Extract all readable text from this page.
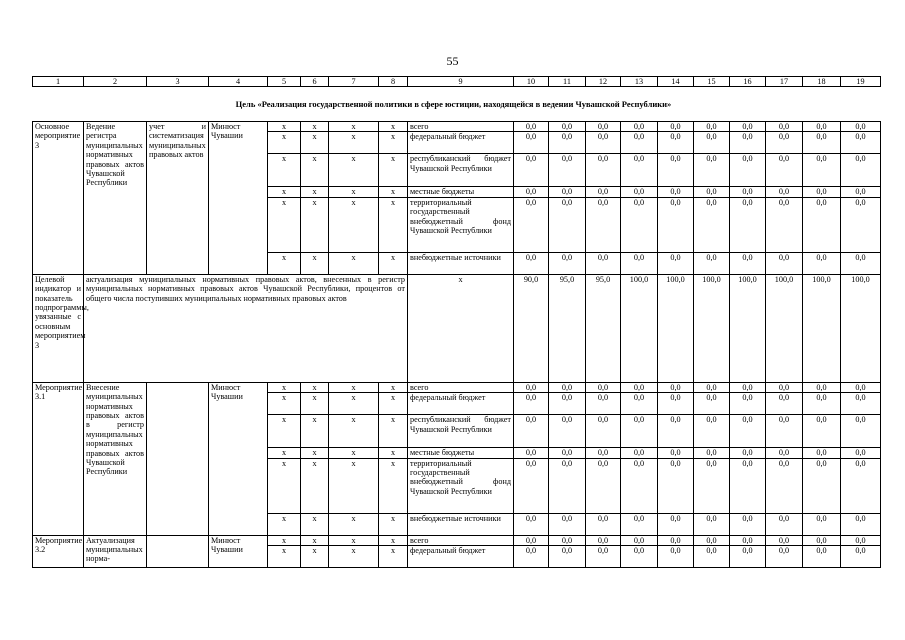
55
1	2	3	4	5	6	7	8	9	10	11	12	13	14	15	16	17	18	19
Цель «Реализация государственной политики в сфере юстиции, находящейся в ведении Чувашской Республики»
Основное мероприятие 3	Ведение регистра муниципальных нормативных правовых актов Чувашской Республики	учет и систематизация муниципальных правовых актов	Минюст Чувашии	x	x	x	x	всего	0,0	0,0	0,0	0,0	0,0	0,0	0,0	0,0	0,0	0,0
				x	x	x	x	федеральный бюджет	0,0	0,0	0,0	0,0	0,0	0,0	0,0	0,0	0,0	0,0
				x	x	x	x	республиканский бюджет Чувашской Республики	0,0	0,0	0,0	0,0	0,0	0,0	0,0	0,0	0,0	0,0
				x	x	x	x	местные бюджеты	0,0	0,0	0,0	0,0	0,0	0,0	0,0	0,0	0,0	0,0
				x	x	x	x	территориальный государственный внебюджетный фонд Чувашской Республики	0,0	0,0	0,0	0,0	0,0	0,0	0,0	0,0	0,0	0,0
				x	x	x	x	внебюджетные источники	0,0	0,0	0,0	0,0	0,0	0,0	0,0	0,0	0,0	0,0
Целевой индикатор и показатель подпрограммы, увязанные с основным мероприятием 3	актуализация муниципальных нормативных правовых актов, внесенных в регистр муниципальных нормативных правовых актов Чувашской Республики, процентов от общего числа поступивших муниципальных нормативных правовых актов							x	90,0	95,0	95,0	100,0	100,0	100,0	100,0	100,0	100,0	100,0
Мероприятие 3.1	Внесение муниципальных нормативных правовых актов в регистр муниципальных нормативных правовых актов Чувашской Республики		Минюст Чувашии	x	x	x	x	всего	0,0	0,0	0,0	0,0	0,0	0,0	0,0	0,0	0,0	0,0
				x	x	x	x	федеральный бюджет	0,0	0,0	0,0	0,0	0,0	0,0	0,0	0,0	0,0	0,0
				x	x	x	x	республиканский бюджет Чувашской Республики	0,0	0,0	0,0	0,0	0,0	0,0	0,0	0,0	0,0	0,0
				x	x	x	x	местные бюджеты	0,0	0,0	0,0	0,0	0,0	0,0	0,0	0,0	0,0	0,0
				x	x	x	x	территориальный государственный внебюджетный фонд Чувашской Республики	0,0	0,0	0,0	0,0	0,0	0,0	0,0	0,0	0,0	0,0
				x	x	x	x	внебюджетные источники	0,0	0,0	0,0	0,0	0,0	0,0	0,0	0,0	0,0	0,0
Мероприятие 3.2	Актуализация муниципальных норма-		Минюст Чувашии	x	x	x	x	всего	0,0	0,0	0,0	0,0	0,0	0,0	0,0	0,0	0,0	0,0
				x	x	x	x	федеральный бюджет	0,0	0,0	0,0	0,0	0,0	0,0	0,0	0,0	0,0	0,0
